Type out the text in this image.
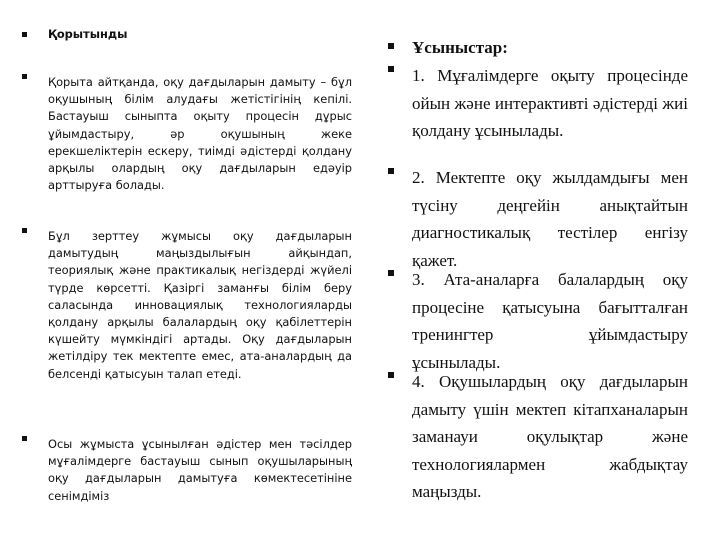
Қорытынды
Қорыта айтқанда, оқу дағдыларын дамыту – бұл оқушының білім алудағы жетістігінің кепілі. Бастауыш сыныпта оқыту процесін дұрыс ұйымдастыру, әр оқушының жеке ерекшеліктерін ескеру, тиімді әдістерді қолдану арқылы олардың оқу дағдыларын едәуір арттыруға болады.
Бұл зерттеу жұмысы оқу дағдыларын дамытудың маңыздылығын айқындап, теориялық және практикалық негіздерді жүйелі түрде көрсетті. Қазіргі заманғы білім беру саласында инновациялық технологияларды қолдану арқылы балалардың оқу қабілеттерін күшейту мүмкіндігі артады. Оқу дағдыларын жетілдіру тек мектепте емес, ата-аналардың да белсенді қатысуын талап етеді.
Осы жұмыста ұсынылған әдістер мен тәсілдер мұғалімдерге бастауыш сынып оқушыларының оқу дағдыларын дамытуға көмектесетініне сенімдіміз
Ұсыныстар:
1. Мұғалімдерге оқыту процесінде ойын және интерактивті әдістерді жиі қолдану ұсынылады.
2. Мектепте оқу жылдамдығы мен түсіну деңгейін анықтайтын диагностикалық тестілер енгізу қажет.
3. Ата-аналарға балалардың оқу процесіне қатысуына бағытталған тренингтер ұйымдастыру ұсынылады.
4. Оқушылардың оқу дағдыларын дамыту үшін мектеп кітапханаларын заманауи оқулықтар және технологиялармен жабдықтау маңызды.
